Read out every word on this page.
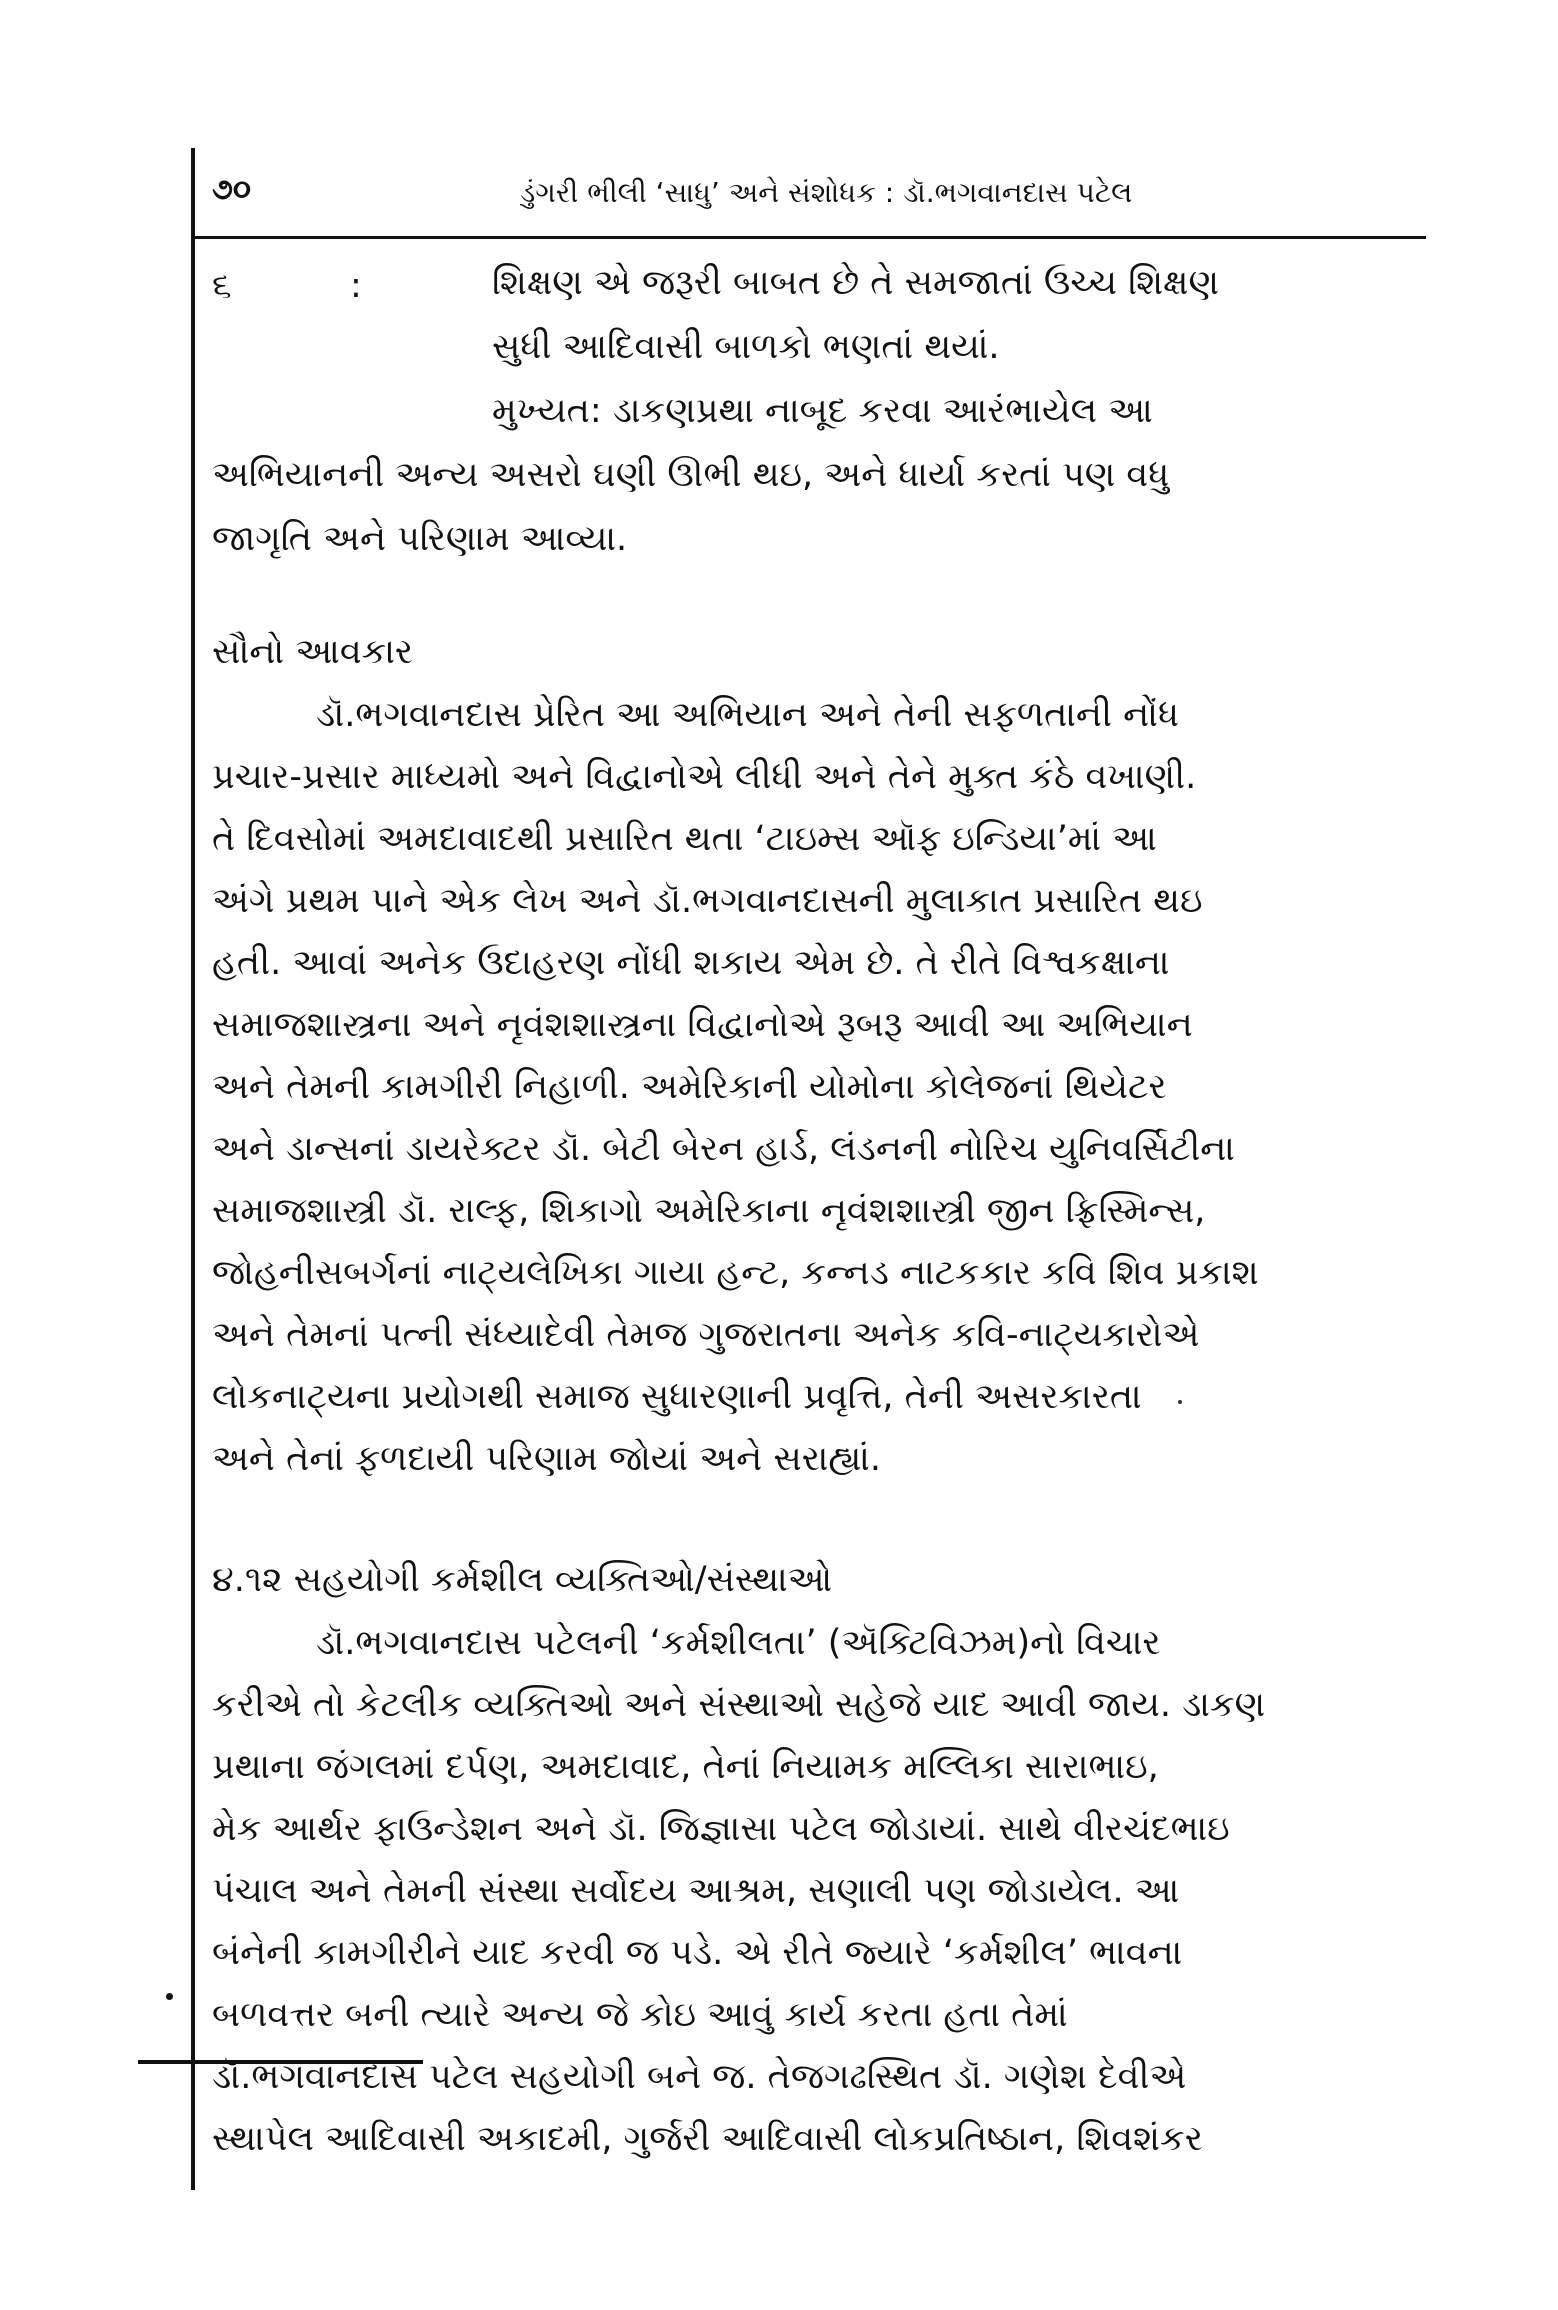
૭૦	ડુંગરી ભીલી ‘સાધુ’ અને સંશોધક : ડૉ.ભગવાનદાસ પટેલ
૬	:	શિક્ષણ એ જરૂરી બાબત છે તે સમજાતાં ઉચ્ચ શિક્ષણ
સુધી આદિવાસી બાળકો ભણતાં થયાં.
મુખ્યત: ડાકણપ્રથા નાબૂદ કરવા આરંભાયેલ આ
અભિયાનની અન્ય અસરો ઘણી ઊભી થઇ, અને ધાર્યા કરતાં પણ વધુ
જાગૃતિ અને પરિણામ આવ્યા.
સૌનો આવકાર
ડૉ.ભગવાનદાસ પ્રેરિત આ અભિયાન અને તેની સફળતાની નોંધ
પ્રચાર-પ્રસાર માધ્યમો અને વિદ્વાનોએ લીધી અને તેને મુક્ત કંઠે વખાણી.
તે દિવસોમાં અમદાવાદથી પ્રસારિત થતા ‘ટાઇમ્સ ઑફ ઇન્ડિયા’માં આ
અંગે પ્રથમ પાને એક લેખ અને ડૉ.ભગવાનદાસની મુલાકાત પ્રસારિત થઇ
હતી. આવાં અનેક ઉદાહરણ નોંધી શકાય એમ છે. તે રીતે વિશ્વકક્ષાના
સમાજશાસ્ત્રના અને નૃવંશશાસ્ત્રના વિદ્વાનોએ રૂબરૂ આવી આ અભિયાન
અને તેમની કામગીરી નિહાળી. અમેરિકાની યોમોના કોલેજનાં થિયેટર
અને ડાન્સનાં ડાયરેક્ટર ડૉ. બેટી બેરન હાર્ડ, લંડનની નોરિચ યુનિવર્સિટીના
સમાજશાસ્ત્રી ડૉ. રાલ્ફ, શિકાગો અમેરિકાના નૃવંશશાસ્ત્રી જીન ફ્રિસ્મિન્સ,
જોહનીસબર્ગનાં નાટ્યલેખિકા ગાયા હન્ટ, કન્નડ નાટકકાર કવિ શિવ પ્રકાશ
અને તેમનાં પત્ની સંધ્યાદેવી તેમજ ગુજરાતના અનેક કવિ-નાટ્યકારોએ
લોકનાટ્યના પ્રયોગથી સમાજ સુધારણાની પ્રવૃત્તિ, તેની અસરકારતા
અને તેનાં ફળદાયી પરિણામ જોયાં અને સરાહ્યાં.
૪.૧૨ સહયોગી કર્મશીલ વ્યક્તિઓ/સંસ્થાઓ
ડૉ.ભગવાનદાસ પટેલની ‘કર્મશીલતા’ (ઍક્ટિવિઝમ)નો વિચાર
કરીએ તો કેટલીક વ્યક્તિઓ અને સંસ્થાઓ સહેજે યાદ આવી જાય. ડાકણ
પ્રથાના જંગલમાં દર્પણ, અમદાવાદ, તેનાં નિયામક મલ્લિકા સારાભાઇ,
મેક આર્થર ફાઉન્ડેશન અને ડૉ. જિજ્ઞાસા પટેલ જોડાયાં. સાથે વીરચંદભાઇ
પંચાલ અને તેમની સંસ્થા સર્વોદય આશ્રમ, સણાલી પણ જોડાયેલ. આ
બંનેની કામગીરીને યાદ કરવી જ પડે. એ રીતે જ્યારે ‘કર્મશીલ’ ભાવના
બળવત્તર બની ત્યારે અન્ય જે કોઇ આવું કાર્ય કરતા હતા તેમાં
ડૉ.ભગવાનદાસ પટેલ સહયોગી બને જ. તેજગઢસ્થિત ડૉ. ગણેશ દેવીએ
સ્થાપેલ આદિવાસી અકાદમી, ગુર્જરી આદિવાસી લોકપ્રતિષ્ઠાન, શિવશંકર
